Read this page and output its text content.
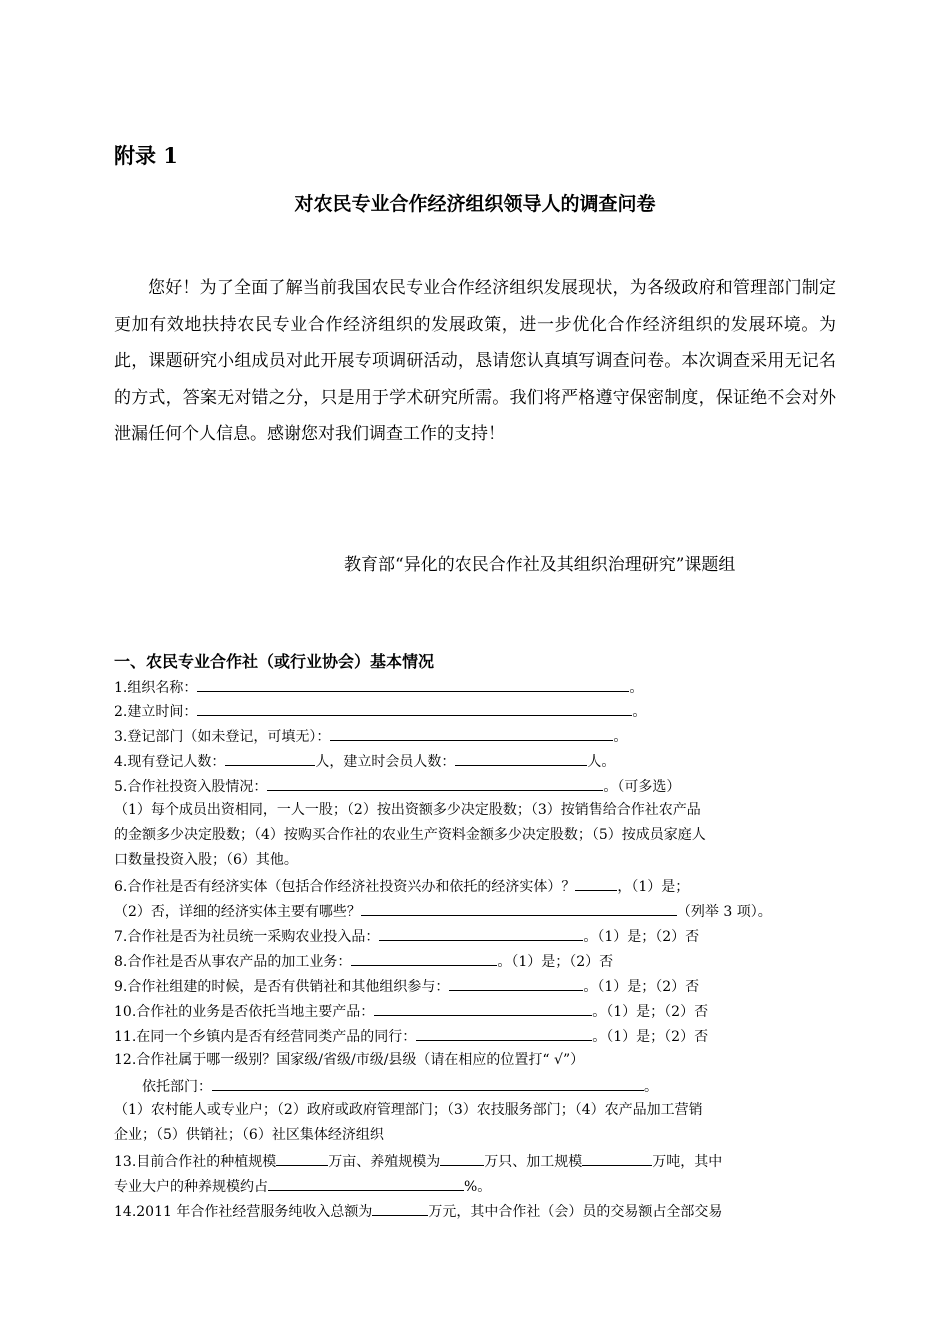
附录 1
对农民专业合作经济组织领导人的调查问卷
您好！为了全面了解当前我国农民专业合作经济组织发展现状，为各级政府和管理部门制定更加有效地扶持农民专业合作经济组织的发展政策，进一步优化合作经济组织的发展环境。为此，课题研究小组成员对此开展专项调研活动，恳请您认真填写调查问卷。本次调查采用无记名的方式，答案无对错之分，只是用于学术研究所需。我们将严格遵守保密制度，保证绝不会对外泄漏任何个人信息。感谢您对我们调查工作的支持！
教育部“异化的农民合作社及其组织治理研究”课题组
一、农民专业合作社（或行业协会）基本情况
1.组织名称：	。
2.建立时间：	。
3.登记部门（如未登记，可填无）：	。
4.现有登记人数：	人，建立时会员人数：	人。
5.合作社投资入股情况：	。（可多选）
（1）每个成员出资相同，一人一股；（2）按出资额多少决定股数；（3）按销售给合作社农产品
的金额多少决定股数；（4）按购买合作社的农业生产资料金额多少决定股数；（5）按成员家庭人
口数量投资入股；（6）其他。
6.合作社是否有经济实体（包括合作经济社投资兴办和依托的经济实体）？	，（1）是；
（2）否，详细的经济实体主要有哪些？	（列举 3 项）。
7.合作社是否为社员统一采购农业投入品：	。（1）是；（2）否
8.合作社是否从事农产品的加工业务：	。（1）是；（2）否
9.合作社组建的时候，是否有供销社和其他组织参与：	。（1）是；（2）否
10.合作社的业务是否依托当地主要产品：	。（1）是；（2）否
11.在同一个乡镇内是否有经营同类产品的同行：	。（1）是；（2）否
12.合作社属于哪一级别？国家级/省级/市级/县级（请在相应的位置打“ √”）
依托部门：	。
（1）农村能人或专业户；（2）政府或政府管理部门；（3）农技服务部门；（4）农产品加工营销
企业；（5）供销社；（6）社区集体经济组织
13.目前合作社的种植规模	万亩、养殖规模为	万只、加工规模	万吨，其中
专业大户的种养规模约占	%。
14.2011 年合作社经营服务纯收入总额为	万元，其中合作社（会）员的交易额占全部交易
